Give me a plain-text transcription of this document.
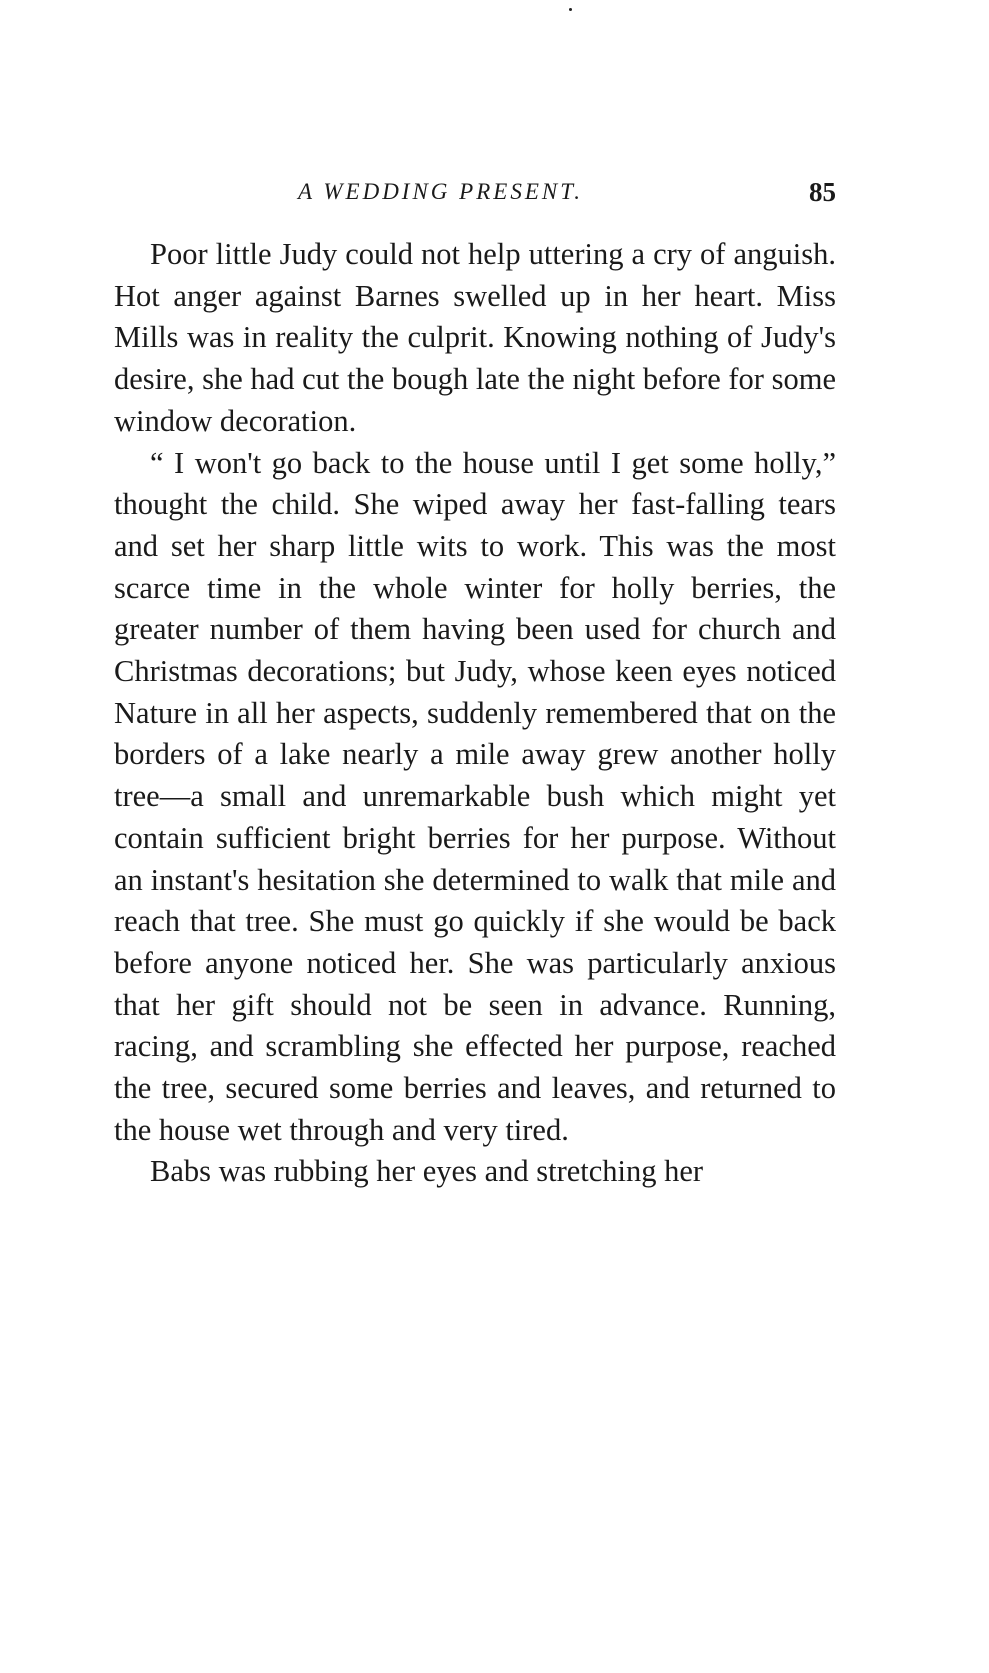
A WEDDING PRESENT.	85

Poor little Judy could not help uttering a cry of anguish. Hot anger against Barnes swelled up in her heart. Miss Mills was in reality the culprit. Knowing nothing of Judy's desire, she had cut the bough late the night before for some window decoration.

“ I won't go back to the house until I get some holly,” thought the child. She wiped away her fast-falling tears and set her sharp little wits to work. This was the most scarce time in the whole winter for holly berries, the greater number of them having been used for church and Christmas decorations; but Judy, whose keen eyes noticed Nature in all her aspects, suddenly remembered that on the borders of a lake nearly a mile away grew another holly tree—a small and unremarkable bush which might yet contain sufficient bright berries for her purpose. Without an instant's hesitation she determined to walk that mile and reach that tree. She must go quickly if she would be back before anyone noticed her. She was particularly anxious that her gift should not be seen in advance. Running, racing, and scrambling she effected her purpose, reached the tree, secured some berries and leaves, and returned to the house wet through and very tired.

Babs was rubbing her eyes and stretching her
